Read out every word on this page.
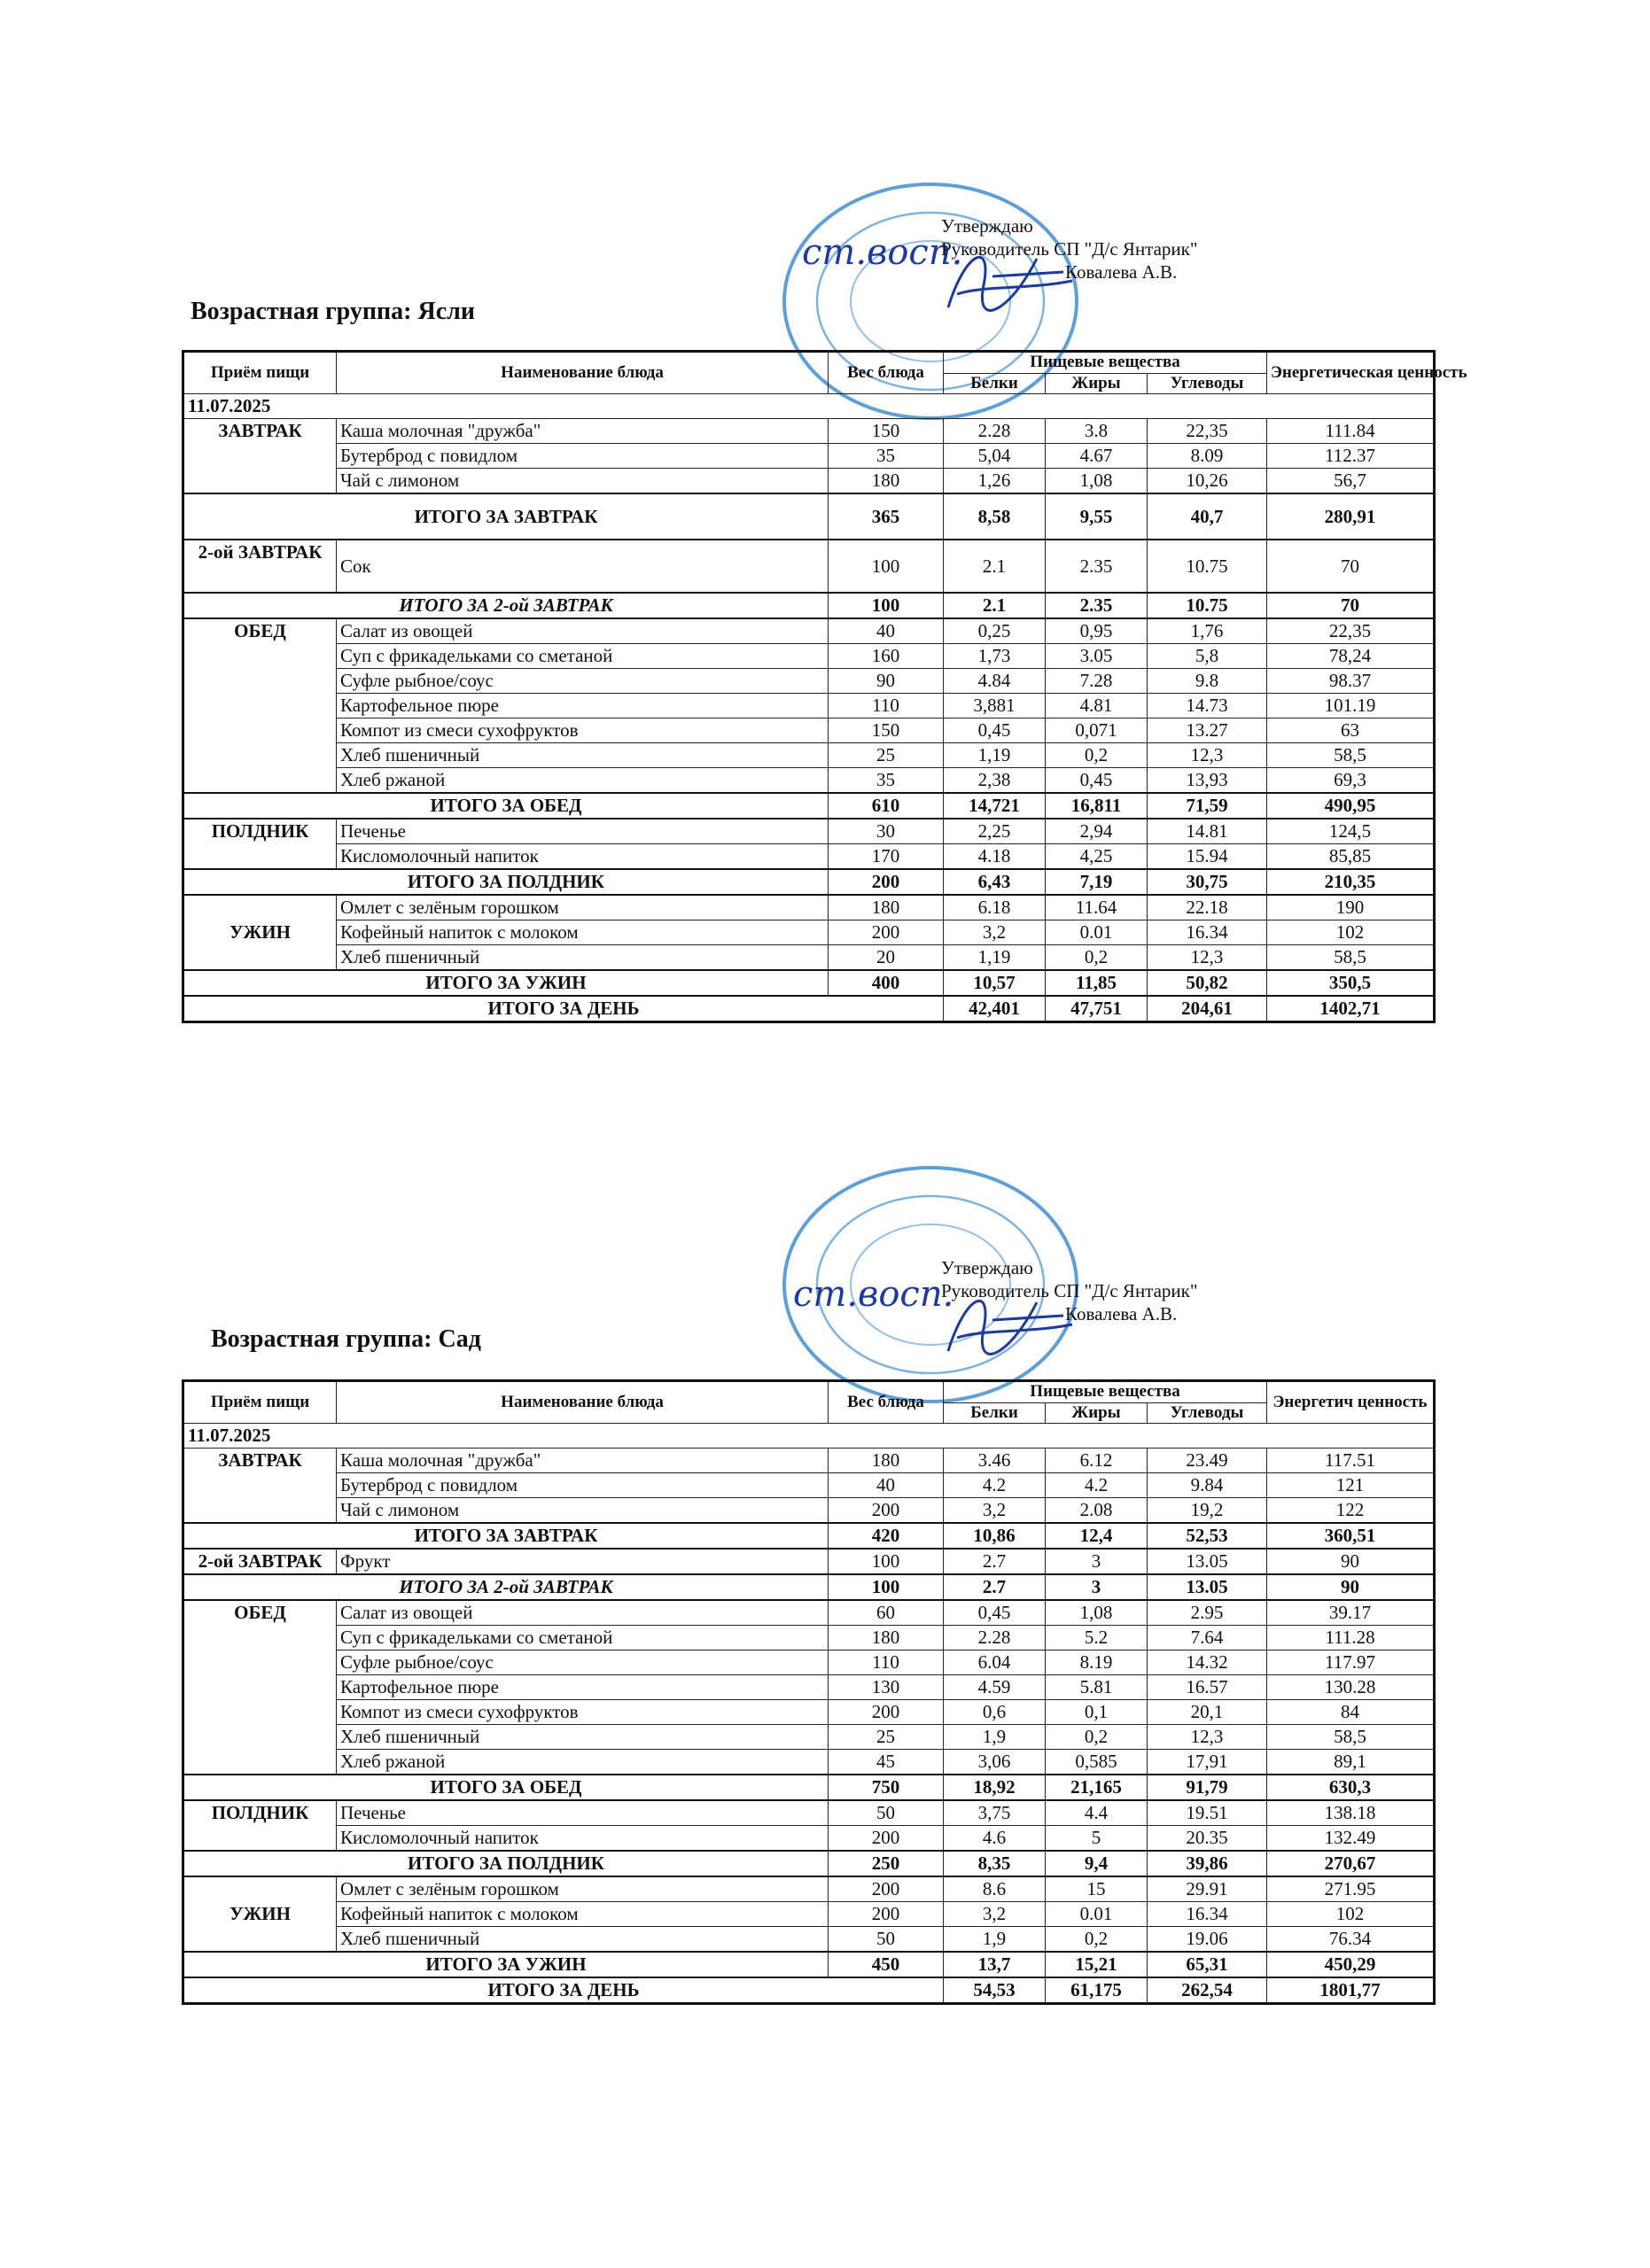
ст.восп.
Утверждаю
Руководитель СП "Д/с Янтарик"
Ковалева А.В.
Возрастная группа: Ясли
Приём пищи	Наименование блюда	Вес блюда	Пищевые вещества			Энергетическая ценность
			Белки	Жиры	Углеводы	
11.07.2025						
ЗАВТРАК	Каша молочная "дружба"	150	2.28	3.8	22,35	111.84
	Бутерброд с повидлом	35	5,04	4.67	8.09	112.37
	Чай с лимоном	180	1,26	1,08	10,26	56,7
ИТОГО ЗА ЗАВТРАК		365	8,58	9,55	40,7	280,91
2-ой ЗАВТРАК	Сок	100	2.1	2.35	10.75	70
ИТОГО ЗА 2-ой ЗАВТРАК		100	2.1	2.35	10.75	70
ОБЕД	Салат из овощей	40	0,25	0,95	1,76	22,35
	Суп с фрикадельками со сметаной	160	1,73	3.05	5,8	78,24
	Суфле рыбное/соус	90	4.84	7.28	9.8	98.37
	Картофельное пюре	110	3,881	4.81	14.73	101.19
	Компот из смеси сухофруктов	150	0,45	0,071	13.27	63
	Хлеб пшеничный	25	1,19	0,2	12,3	58,5
	Хлеб ржаной	35	2,38	0,45	13,93	69,3
ИТОГО ЗА ОБЕД		610	14,721	16,811	71,59	490,95
ПОЛДНИК	Печенье	30	2,25	2,94	14.81	124,5
	Кисломолочный напиток	170	4.18	4,25	15.94	85,85
ИТОГО ЗА ПОЛДНИК		200	6,43	7,19	30,75	210,35
УЖИН	Омлет с зелёным горошком	180	6.18	11.64	22.18	190
	Кофейный напиток с молоком	200	3,2	0.01	16.34	102
	Хлеб пшеничный	20	1,19	0,2	12,3	58,5
ИТОГО ЗА УЖИН		400	10,57	11,85	50,82	350,5
ИТОГО ЗА ДЕНЬ			42,401	47,751	204,61	1402,71
ст.восп.
Утверждаю
Руководитель СП "Д/с Янтарик"
Ковалева А.В.
Возрастная группа: Сад
Приём пищи	Наименование блюда	Вес блюда	Пищевые вещества			Энергетич ценность
			Белки	Жиры	Углеводы	
11.07.2025						
ЗАВТРАК	Каша молочная "дружба"	180	3.46	6.12	23.49	117.51
	Бутерброд с повидлом	40	4.2	4.2	9.84	121
	Чай с лимоном	200	3,2	2.08	19,2	122
ИТОГО ЗА ЗАВТРАК		420	10,86	12,4	52,53	360,51
2-ой ЗАВТРАК	Фрукт	100	2.7	3	13.05	90
ИТОГО ЗА 2-ой ЗАВТРАК		100	2.7	3	13.05	90
ОБЕД	Салат из овощей	60	0,45	1,08	2.95	39.17
	Суп с фрикадельками со сметаной	180	2.28	5.2	7.64	111.28
	Суфле рыбное/соус	110	6.04	8.19	14.32	117.97
	Картофельное пюре	130	4.59	5.81	16.57	130.28
	Компот из смеси сухофруктов	200	0,6	0,1	20,1	84
	Хлеб пшеничный	25	1,9	0,2	12,3	58,5
	Хлеб ржаной	45	3,06	0,585	17,91	89,1
ИТОГО ЗА ОБЕД		750	18,92	21,165	91,79	630,3
ПОЛДНИК	Печенье	50	3,75	4.4	19.51	138.18
	Кисломолочный напиток	200	4.6	5	20.35	132.49
ИТОГО ЗА ПОЛДНИК		250	8,35	9,4	39,86	270,67
УЖИН	Омлет с зелёным горошком	200	8.6	15	29.91	271.95
	Кофейный напиток с молоком	200	3,2	0.01	16.34	102
	Хлеб пшеничный	50	1,9	0,2	19.06	76.34
ИТОГО ЗА УЖИН		450	13,7	15,21	65,31	450,29
ИТОГО ЗА ДЕНЬ			54,53	61,175	262,54	1801,77
